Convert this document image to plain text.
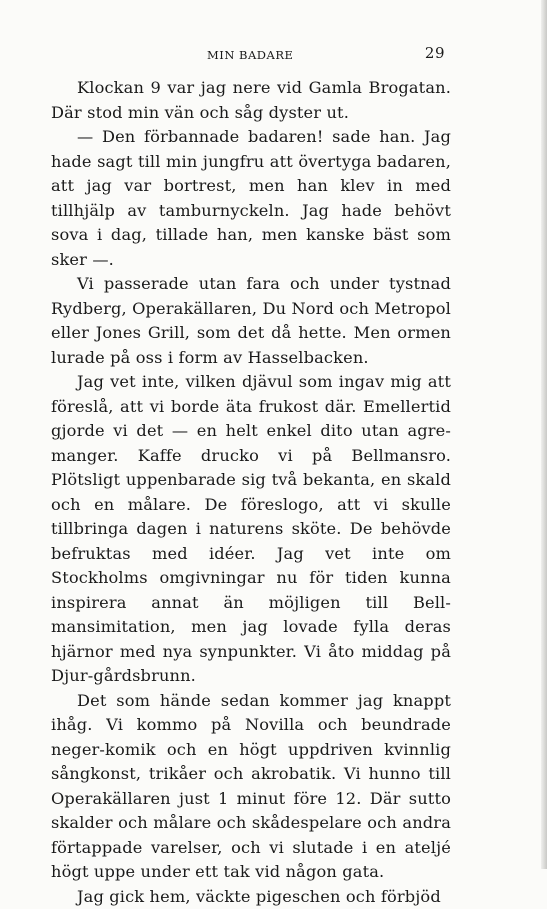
MIN BADARE	29

Klockan 9 var jag nere vid Gamla Brogatan. Där stod min vän och såg dyster ut.

— Den förbannade badaren! sade han. Jag hade sagt till min jungfru att övertyga badaren, att jag var bortrest, men han klev in med tillhjälp av tamburnyckeln. Jag hade behövt sova i dag, tillade han, men kanske bäst som sker —.

Vi passerade utan fara och under tystnad Rydberg, Operakällaren, Du Nord och Metropol eller Jones Grill, som det då hette. Men ormen lurade på oss i form av Hasselbacken.

Jag vet inte, vilken djävul som ingav mig att föreslå, att vi borde äta frukost där. Emellertid gjorde vi det — en helt enkel dito utan agre-manger. Kaffe drucko vi på Bellmansro. Plötsligt uppenbarade sig två bekanta, en skald och en målare. De föreslogo, att vi skulle tillbringa dagen i naturens sköte. De behövde befruktas med idéer. Jag vet inte om Stockholms omgivningar nu för tiden kunna inspirera annat än möjligen till Bell-mansimitation, men jag lovade fylla deras hjärnor med nya synpunkter. Vi åto middag på Djur-gårdsbrunn.

Det som hände sedan kommer jag knappt ihåg. Vi kommo på Novilla och beundrade neger-komik och en högt uppdriven kvinnlig sångkonst, trikåer och akrobatik. Vi hunno till Operakällaren just 1 minut före 12. Där sutto skalder och målare och skådespelare och andra förtappade varelser, och vi slutade i en ateljé högt uppe under ett tak vid någon gata.

Jag gick hem, väckte pigeschen och förbjöd
